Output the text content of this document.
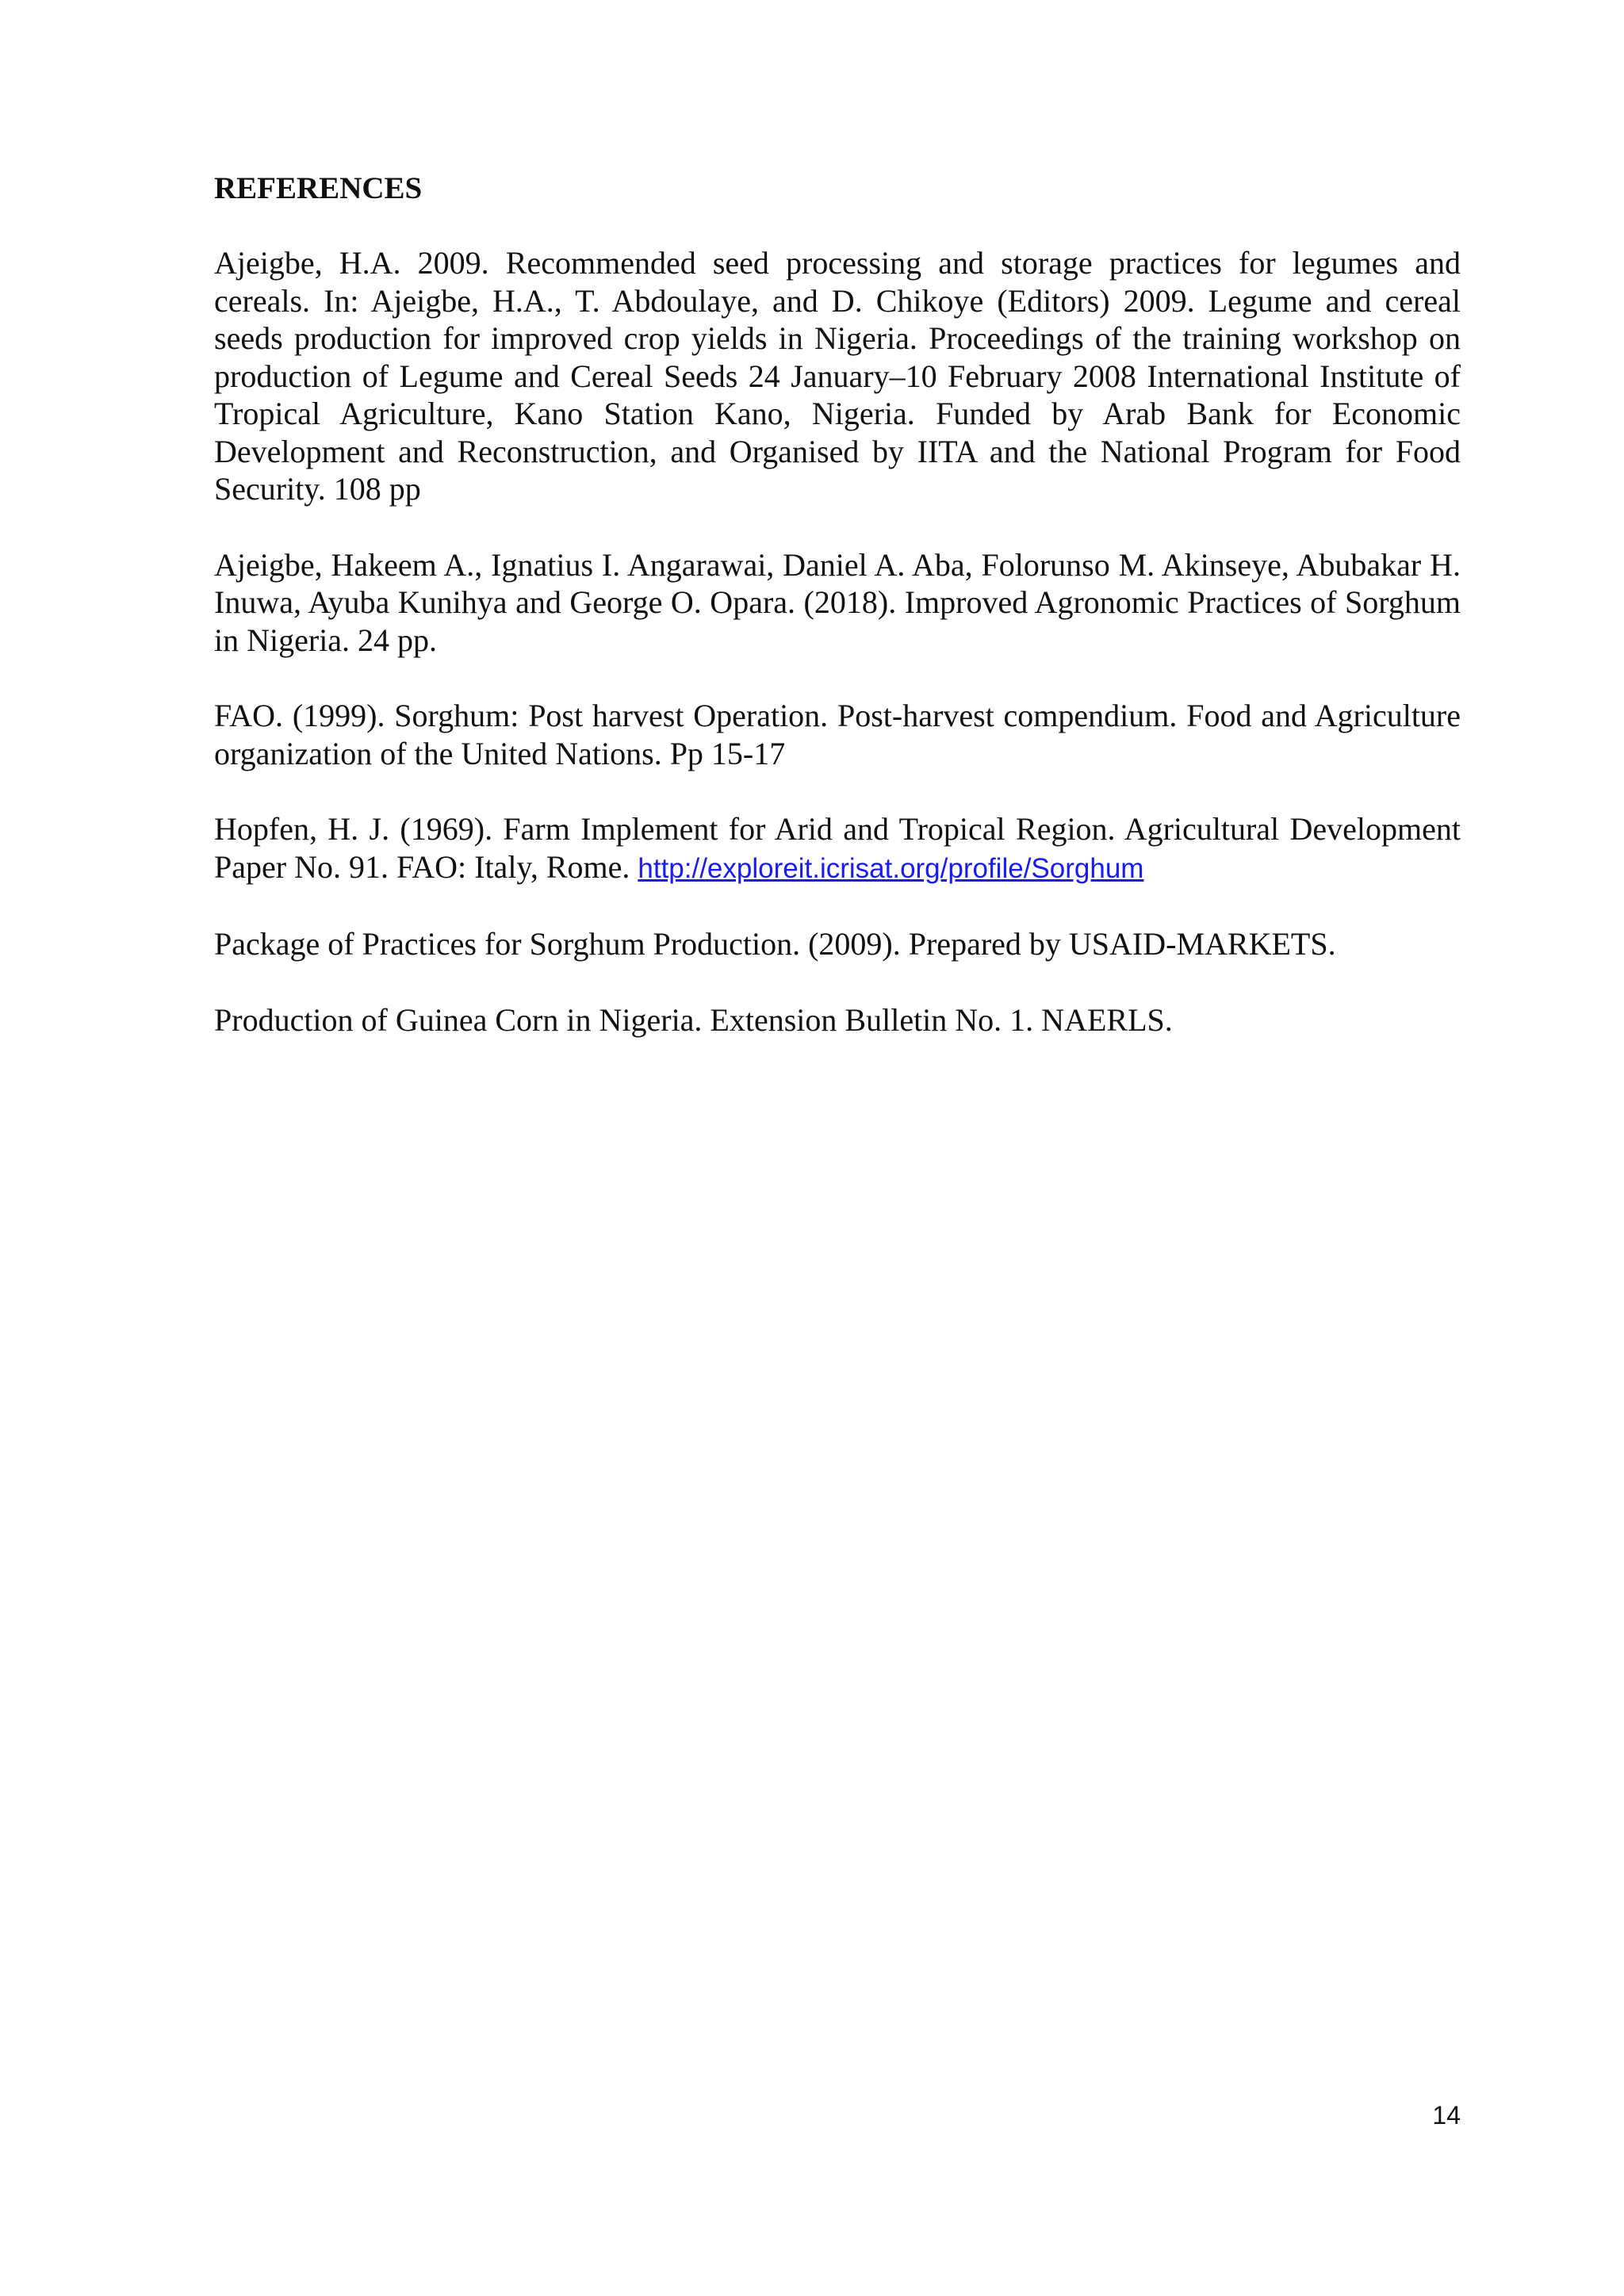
REFERENCES

Ajeigbe, H.A. 2009. Recommended seed processing and storage practices for legumes and cereals. In: Ajeigbe, H.A., T. Abdoulaye, and D. Chikoye (Editors) 2009. Legume and cereal seeds production for improved crop yields in Nigeria. Proceedings of the training workshop on production of Legume and Cereal Seeds 24 January–10 February 2008 International Institute of Tropical Agriculture, Kano Station Kano, Nigeria. Funded by Arab Bank for Economic Development and Reconstruction, and Organised by IITA and the National Program for Food Security. 108 pp

Ajeigbe, Hakeem A., Ignatius I. Angarawai, Daniel A. Aba, Folorunso M. Akinseye, Abubakar H. Inuwa, Ayuba Kunihya and George O. Opara. (2018). Improved Agronomic Practices of Sorghum in Nigeria. 24 pp.

FAO. (1999). Sorghum: Post harvest Operation. Post-harvest compendium. Food and Agriculture organization of the United Nations. Pp 15-17

Hopfen, H. J. (1969). Farm Implement for Arid and Tropical Region. Agricultural Development Paper No. 91. FAO: Italy, Rome. http://exploreit.icrisat.org/profile/Sorghum

Package of Practices for Sorghum Production. (2009). Prepared by USAID-MARKETS.

Production of Guinea Corn in Nigeria. Extension Bulletin No. 1. NAERLS.

14
